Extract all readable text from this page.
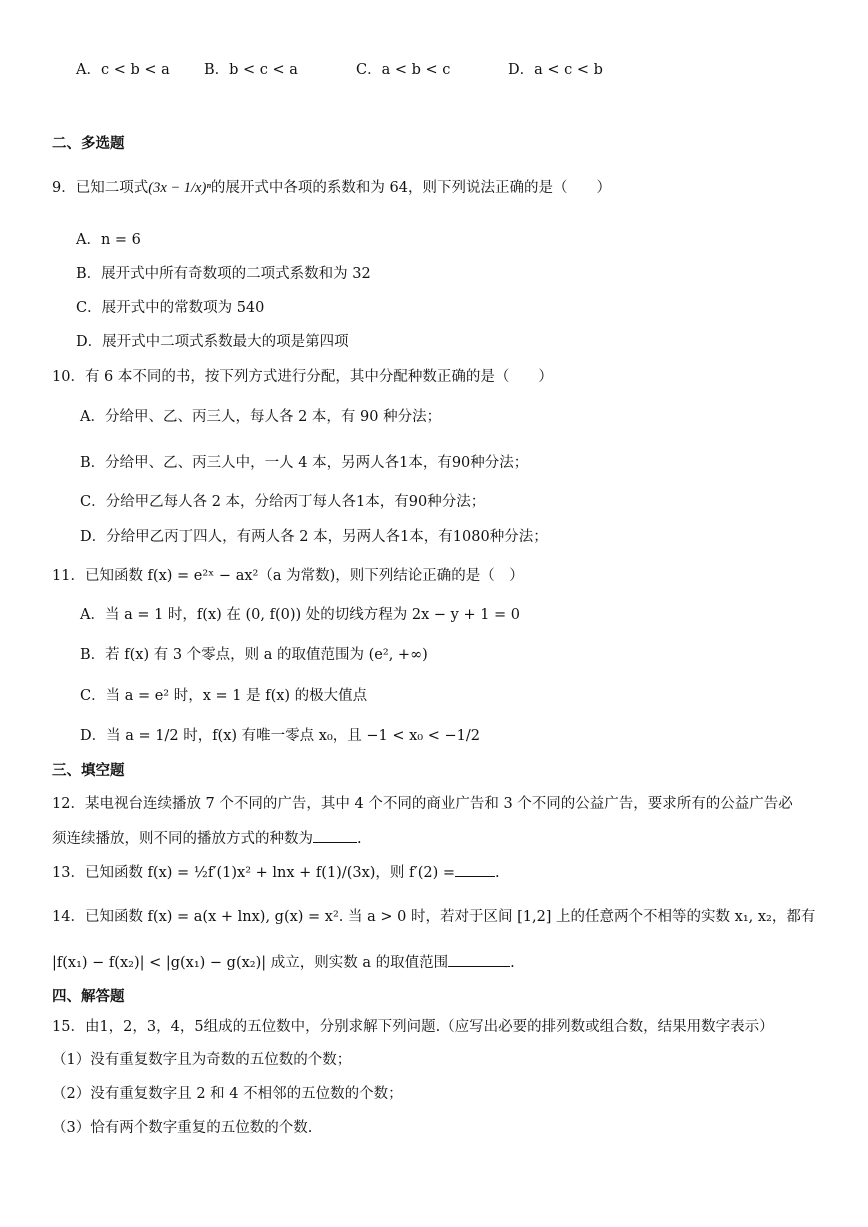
A．c < b < a B．b < c < a	C．a < b < c	D．a < c < b
二、多选题
9．已知二项式(3x − 1/x)ⁿ的展开式中各项的系数和为 64，则下列说法正确的是（　　）
A．n = 6
B．展开式中所有奇数项的二项式系数和为 32
C．展开式中的常数项为 540
D．展开式中二项式系数最大的项是第四项
10．有 6 本不同的书，按下列方式进行分配，其中分配种数正确的是（　　）
A．分给甲、乙、丙三人，每人各 2 本，有 90 种分法；
B．分给甲、乙、丙三人中，一人 4 本，另两人各1本，有90种分法；
C．分给甲乙每人各 2 本，分给丙丁每人各1本，有90种分法；
D．分给甲乙丙丁四人，有两人各 2 本，另两人各1本，有1080种分法；
11．已知函数 f(x) = e²ˣ − ax²（a 为常数)，则下列结论正确的是（　）
A．当 a = 1 时，f(x) 在 (0, f(0)) 处的切线方程为 2x − y + 1 = 0
B．若 f(x) 有 3 个零点，则 a 的取值范围为 (e², +∞)
C．当 a = e² 时，x = 1 是 f(x) 的极大值点
D．当 a = 1/2 时，f(x) 有唯一零点 x₀，且 −1 < x₀ < −1/2
三、填空题
12．某电视台连续播放 7 个不同的广告，其中 4 个不同的商业广告和 3 个不同的公益广告，要求所有的公益广告必
须连续播放，则不同的播放方式的种数为	.
13．已知函数 f(x) = ½f′(1)x² + lnx + f(1)/(3x)，则 f′(2) =	.
14．已知函数 f(x) = a(x + lnx), g(x) = x². 当 a > 0 时，若对于区间 [1,2] 上的任意两个不相等的实数 x₁, x₂，都有
|f(x₁) − f(x₂)| < |g(x₁) − g(x₂)| 成立，则实数 a 的取值范围	.
四、解答题
15．由1，2，3，4，5组成的五位数中，分别求解下列问题.（应写出必要的排列数或组合数，结果用数字表示）
（1）没有重复数字且为奇数的五位数的个数；
（2）没有重复数字且 2 和 4 不相邻的五位数的个数；
（3）恰有两个数字重复的五位数的个数.
